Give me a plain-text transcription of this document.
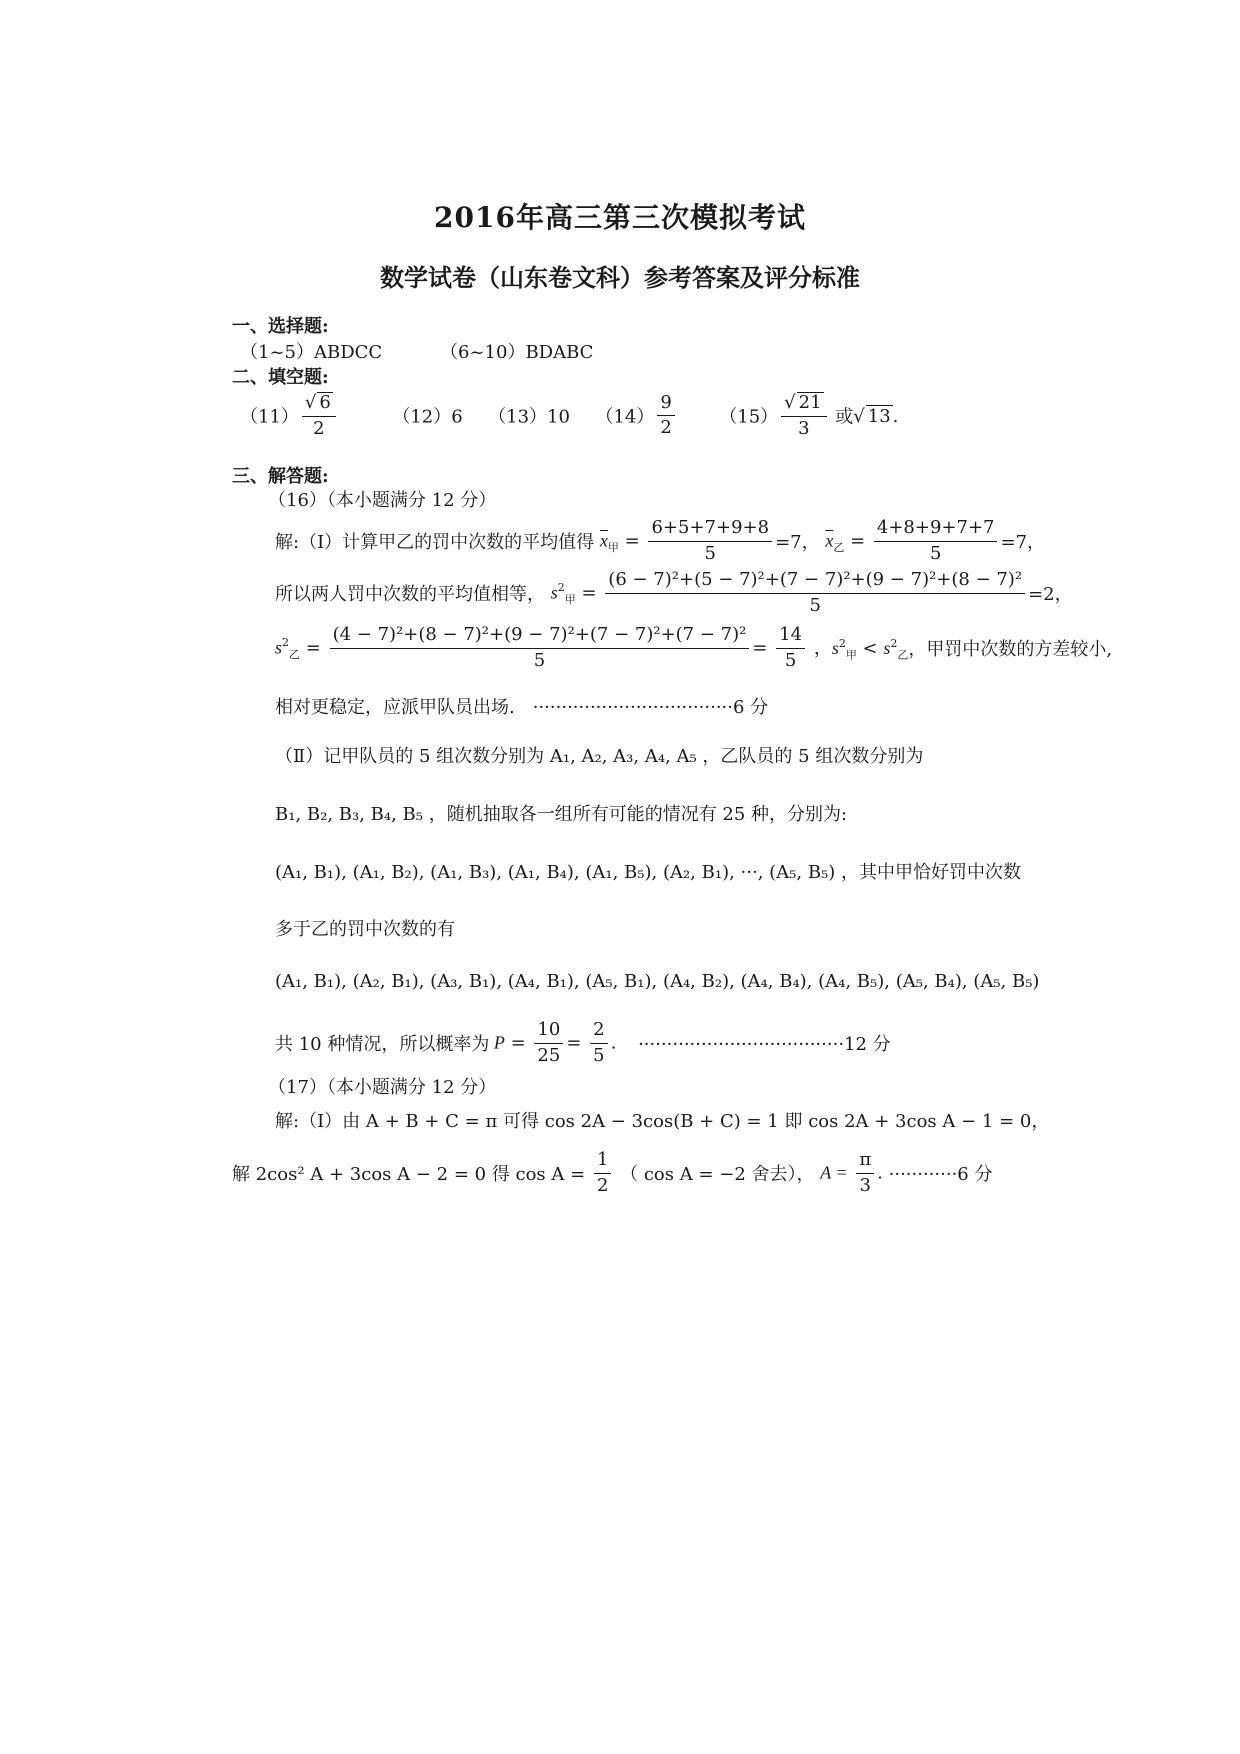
2016年高三第三次模拟考试
数学试卷（山东卷文科）参考答案及评分标准
一、选择题:
（1~5）ABDCC	（6~10）BDABC
二、填空题:
$(11) \frac{√ 6}{2}$	（12）6 （13）10 $(14) \frac{9}{2} (15) \frac{√ 21}{3}$ 或√ 13 .
三、解答题:
（16）（本小题满分 12 分）
解:（Ⅰ）计算甲乙的罚中次数的平均值得 $\overline{x}_甲 = \frac{6+5+7+9+8}{5} =7$， $\overline{x}_乙 = \frac{4+8+9+7+7}{5} =7$，
所以两人罚中次数的平均值相等， $s^2_甲 = \frac{\text{(6 − 7)²+(5 − 7)²+(7 − 7)²+(9 − 7)²+(8 − 7)²}}{5} =2$，
$s^2_乙 = \frac{\text{(4 − 7)²+(8 − 7)²+(9 − 7)²+(7 − 7)²+(7 − 7)²}}{5} = \frac{14}{5}$ ，$s^2_甲 < s^2_乙$，甲罚中次数的方差较小,
相对更稳定，应派甲队员出场. ···································6 分
（Ⅱ）记甲队员的 5 组次数分别为 A₁, A₂, A₃, A₄, A₅ ，乙队员的 5 组次数分别为
B₁, B₂, B₃, B₄, B₅ ，随机抽取各一组所有可能的情况有 25 种，分别为:
(A₁, B₁), (A₁, B₂), (A₁, B₃), (A₁, B₄), (A₁, B₅), (A₂, B₁), ···, (A₅, B₅) ，其中甲恰好罚中次数
多于乙的罚中次数的有
(A₁, B₁), (A₂, B₁), (A₃, B₁), (A₄, B₁), (A₅, B₁), (A₄, B₂), (A₄, B₄), (A₄, B₅), (A₅, B₄), (A₅, B₅)
共 10 种情况，所以概率为 $P = \frac{10}{25} = \frac{2}{5}$ . ····································12 分
（17）（本小题满分 12 分）
解:（I）由 A + B + C = π 可得 cos 2A − 3cos(B + C) = 1 即 cos 2A + 3cos A − 1 = 0，
解 2cos² A + 3cos A − 2 = 0 得 $\cos A = \frac{1}{2}$ （ cos A = −2 舍去）， $A = \frac{\pi}{3}$ . ············6 分
